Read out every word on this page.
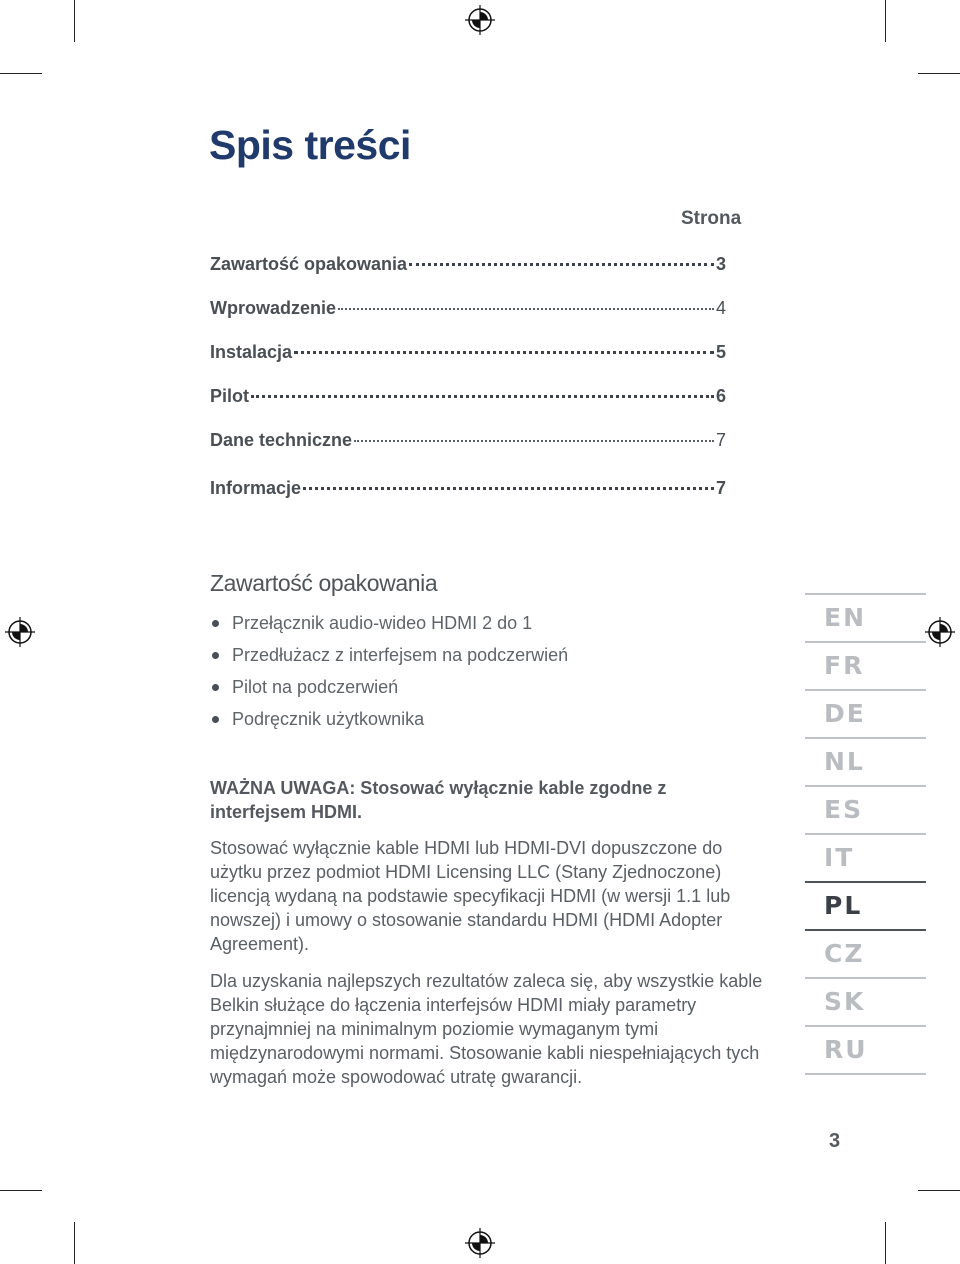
Spis treści
Strona
Zawartość opakowania	3
Wprowadzenie	4
Instalacja	5
Pilot	6
Dane techniczne	7
Informacje	7
Zawartość opakowania
Przełącznik audio-wideo HDMI 2 do 1
Przedłużacz z interfejsem na podczerwień
Pilot na podczerwień
Podręcznik użytkownika
WAŻNA UWAGA: Stosować wyłącznie kable zgodne z interfejsem HDMI.

Stosować wyłącznie kable HDMI lub HDMI-DVI dopuszczone do użytku przez podmiot HDMI Licensing LLC (Stany Zjednoczone) licencją wydaną na podstawie specyfikacji HDMI (w wersji 1.1 lub nowszej) i umowy o stosowanie standardu HDMI (HDMI Adopter Agreement).

Dla uzyskania najlepszych rezultatów zaleca się, aby wszystkie kable Belkin służące do łączenia interfejsów HDMI miały parametry przynajmniej na minimalnym poziomie wymaganym tymi międzynarodowymi normami. Stosowanie kabli niespełniających tych wymagań może spowodować utratę gwarancji.

EN
FR
DE
NL
ES
IT
PL
CZ
SK
RU
3
